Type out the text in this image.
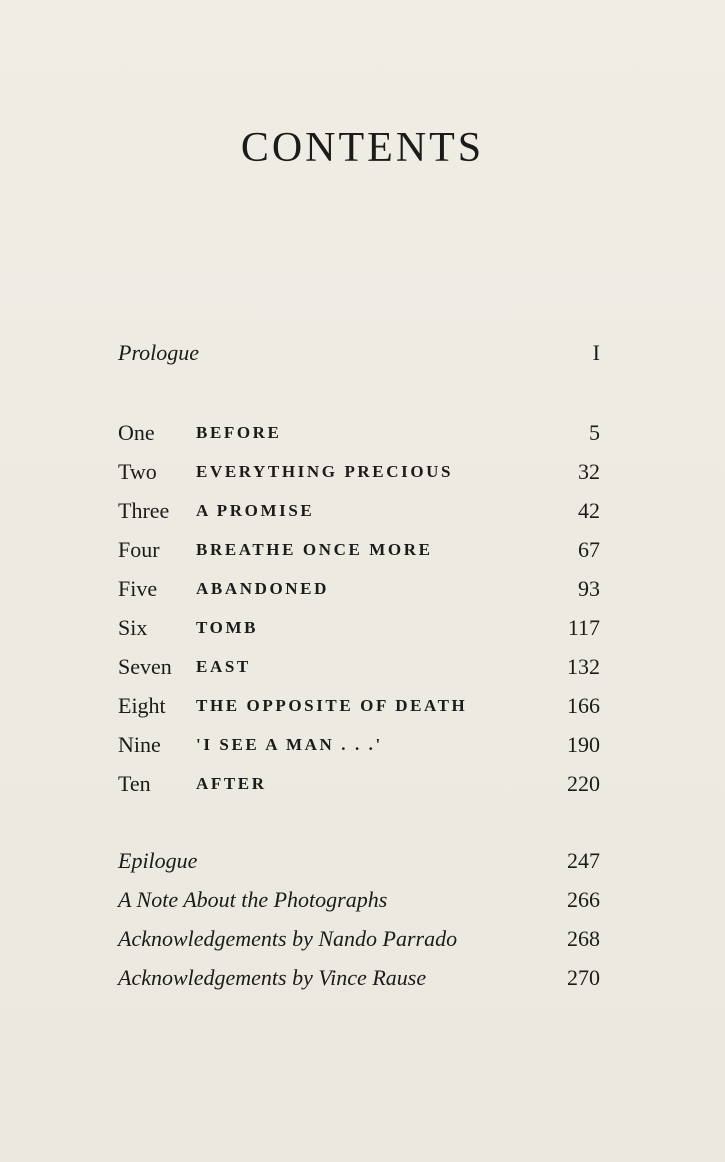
CONTENTS
Prologue	I
One	BEFORE	5
Two	EVERYTHING PRECIOUS	32
Three	A PROMISE	42
Four	BREATHE ONCE MORE	67
Five	ABANDONED	93
Six	TOMB	117
Seven	EAST	132
Eight	THE OPPOSITE OF DEATH	166
Nine	'I SEE A MAN . . .'	190
Ten	AFTER	220
Epilogue	247
A Note About the Photographs	266
Acknowledgements by Nando Parrado	268
Acknowledgements by Vince Rause	270
